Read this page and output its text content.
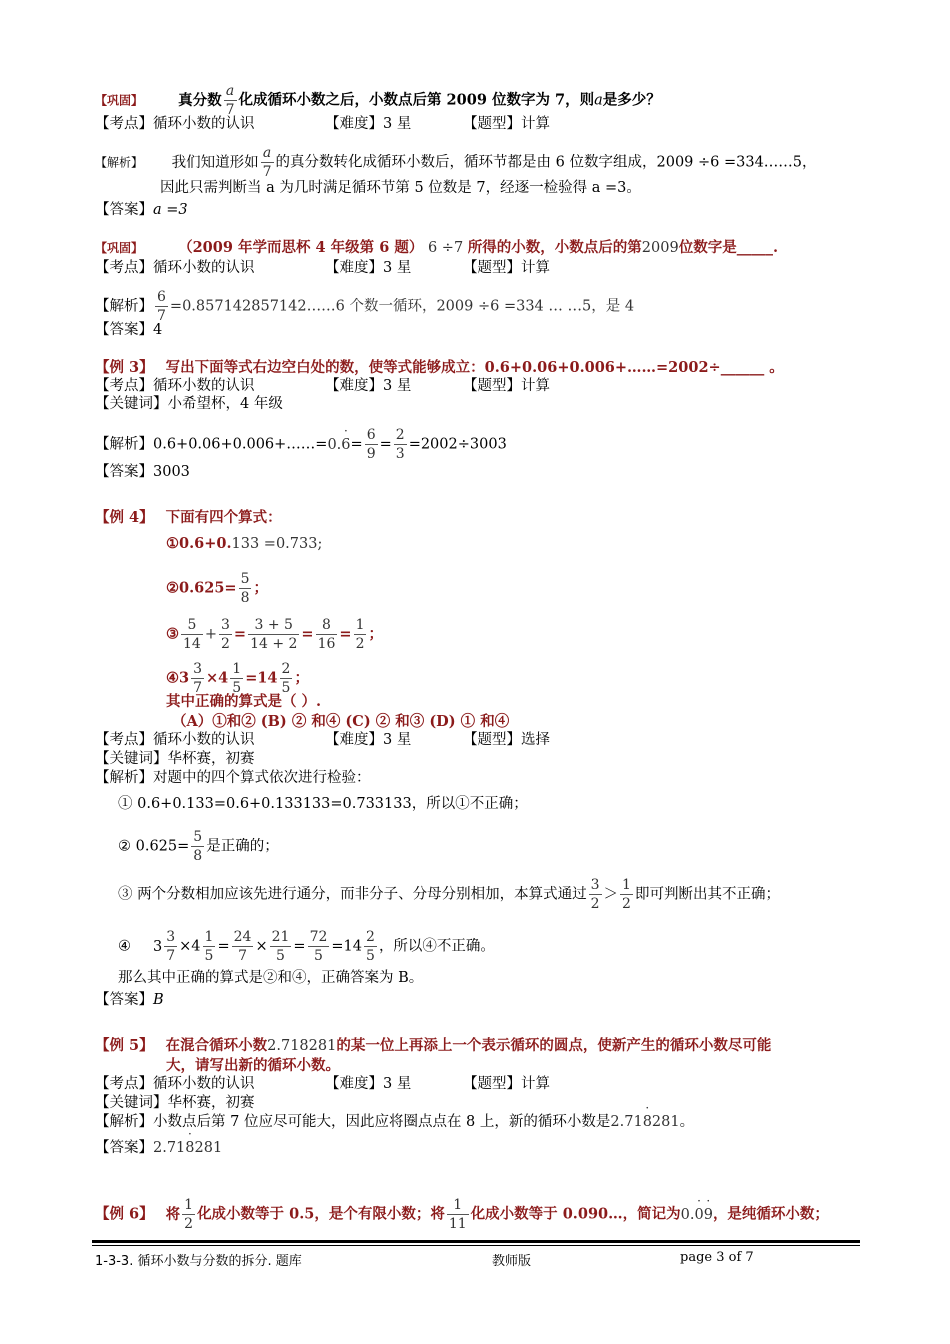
【巩固】 真分数 $\frac{a}{7}$ 化成循环小数之后，小数点后第 2009 位数字为 7，则a是多少？
【考点】循环小数的认识	【难度】3 星	【题型】计算
【解析】 我们知道形如 $\frac{a}{7}$ 的真分数转化成循环小数后，循环节都是由 6 位数字组成，2009 ÷6 =334……5，
因此只需判断当 a 为几时满足循环节第 5 位数是 7，经逐一检验得 a =3。
【答案】a =3
【巩固】 （2009 年学而思杯 4 年级第 6 题） 6 ÷7 所得的小数，小数点后的第2009位数字是_____.
【考点】循环小数的认识	【难度】3 星	【题型】计算
【解析】 $\frac{6}{7}$ =0.857142857142……6 个数一循环，2009 ÷6 =334 … …5，是 4
【答案】4
【例 3】 写出下面等式右边空白处的数，使等式能够成立：0.6+0.06+0.006+……=2002÷______ 。
【考点】循环小数的认识	【难度】3 星	【题型】计算
【关键词】小希望杯，4 年级
【解析】0.6+0.06+0.006+……=0.
·
$6= \frac{6}{9} = \frac{2}{3} =2002\div 3003$
【答案】3003
【例 4】 下面有四个算式：
①0.6+0.133 =0.733;
②0.625= $\frac{5}{8}$ ；
③ $\frac{5}{14} + \frac{3}{2} = \frac{3 + 5}{14 + 2} = \frac{8}{16} = \frac{1}{2}$ ；
④3 $\frac{3}{7} \times 4 \frac{1}{5} =14 \frac{2}{5}$ ；
其中正确的算式是（ ）.
（A）①和② (B) ② 和④ (C) ② 和③ (D) ① 和④
【考点】循环小数的认识	【难度】3 星	【题型】选择
【关键词】华杯赛，初赛
【解析】对题中的四个算式依次进行检验：
① 0.6+0.133=0.6+0.133133=0.733133，所以①不正确；
② $0.625= \frac{5}{8}$ 是正确的；
③ 两个分数相加应该先进行通分，而非分子、分母分别相加，本算式通过 $\frac{3}{2} > \frac{1}{2}$ 即可判断出其不正确；
④ $3 \frac{3}{7} \times 4 \frac{1}{5} = \frac{24}{7} \times \frac{21}{5} = \frac{72}{5} =14 \frac{2}{5}$ ，所以④不正确。
那么其中正确的算式是②和④，正确答案为 B。
【答案】B
【例 5】 在混合循环小数2.718281的某一位上再添上一个表示循环的圆点，使新产生的循环小数尽可能
大，请写出新的循环小数。
【考点】循环小数的认识	【难度】3 星	【题型】计算
【关键词】华杯赛，初赛
【解析】小数点后第 7 位应尽可能大，因此应将圈点点在 8 上，新的循环小数是2.71
·
8281。
【答案】2.71
·
8281
【例 6】 将 $\frac{1}{2}$ 化成小数等于 0.5，是个有限小数；将 $\frac{1}{11}$ 化成小数等于 0.090…，简记为0.
·
0
·
9，是纯循环小数；
1-3-3. 循环小数与分数的拆分. 题库	教师版	page 3 of 7
